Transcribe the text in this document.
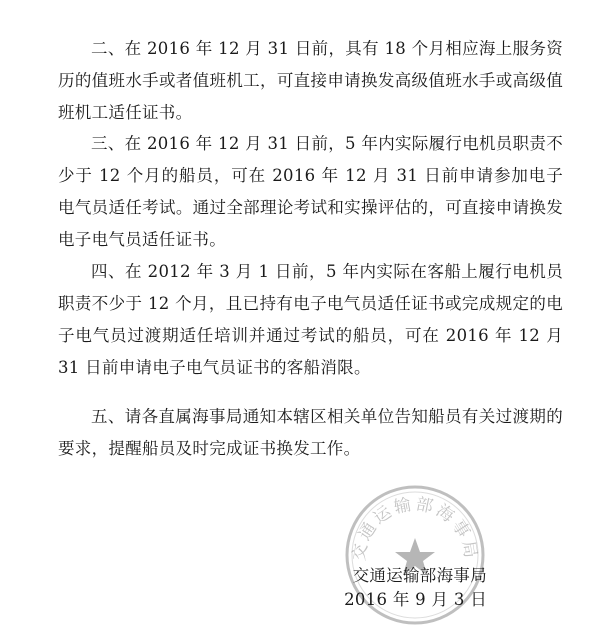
二、在 2016 年 12 月 31 日前，具有 18 个月相应海上服务资历的值班水手或者值班机工，可直接申请换发高级值班水手或高级值班机工适任证书。
三、在 2016 年 12 月 31 日前，5 年内实际履行电机员职责不少于 12 个月的船员，可在 2016 年 12 月 31 日前申请参加电子电气员适任考试。通过全部理论考试和实操评估的，可直接申请换发电子电气员适任证书。
四、在 2012 年 3 月 1 日前，5 年内实际在客船上履行电机员职责不少于 12 个月，且已持有电子电气员适任证书或完成规定的电子电气员过渡期适任培训并通过考试的船员，可在 2016 年 12 月 31 日前申请电子电气员证书的客船消限。
五、请各直属海事局通知本辖区相关单位告知船员有关过渡期的要求，提醒船员及时完成证书换发工作。
交通运输部海事局
交通运输部海事局
2016 年 9 月 3 日
